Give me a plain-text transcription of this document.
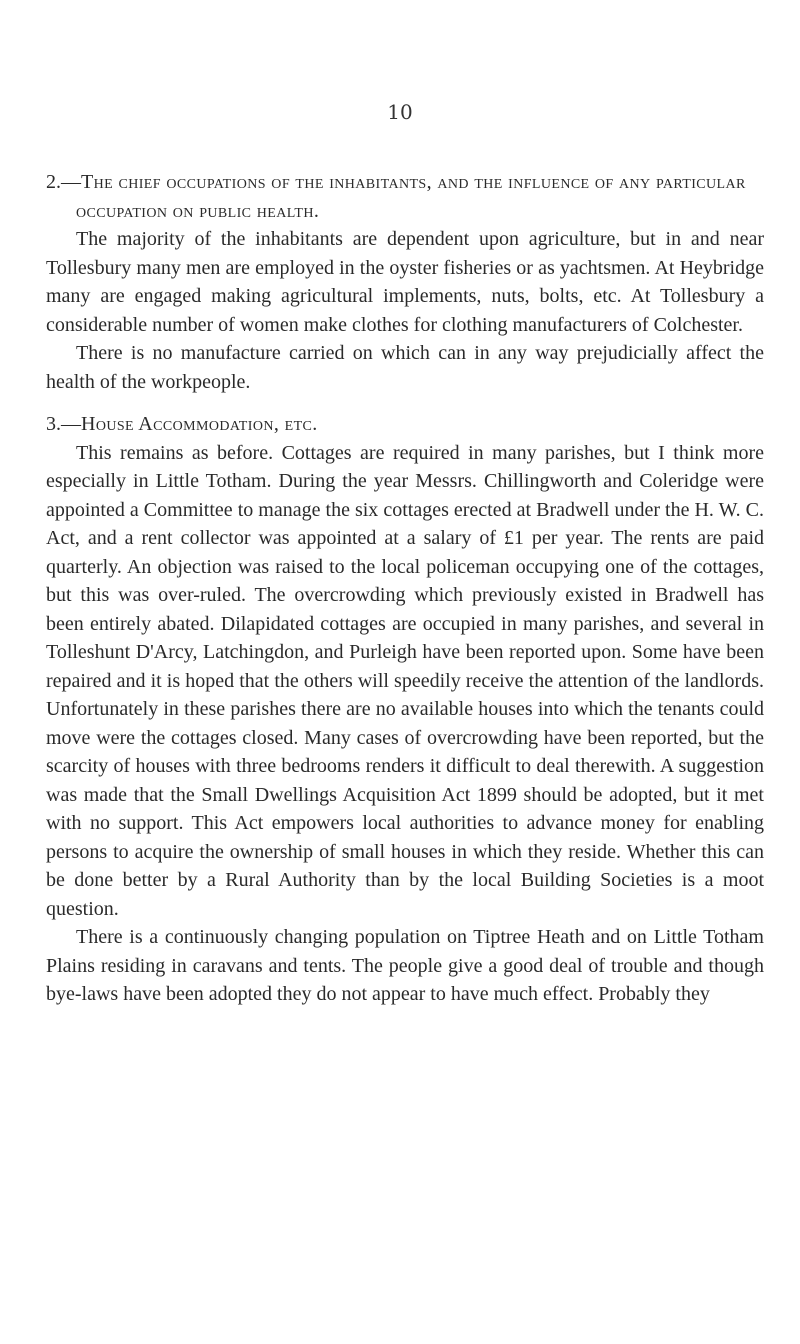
10

2.—The chief occupations of the inhabitants, and the influence of any particular occupation on public health.

The majority of the inhabitants are dependent upon agriculture, but in and near Tollesbury many men are employed in the oyster fisheries or as yachtsmen. At Heybridge many are engaged making agricultural implements, nuts, bolts, etc. At Tollesbury a considerable number of women make clothes for clothing manufacturers of Colchester.

There is no manufacture carried on which can in any way prejudicially affect the health of the workpeople.

3.—House Accommodation, etc.

This remains as before. Cottages are required in many parishes, but I think more especially in Little Totham. During the year Messrs. Chillingworth and Coleridge were appointed a Committee to manage the six cottages erected at Bradwell under the H. W. C. Act, and a rent collector was appointed at a salary of £1 per year. The rents are paid quarterly. An objection was raised to the local policeman occupying one of the cottages, but this was over-ruled. The overcrowding which previously existed in Bradwell has been entirely abated. Dilapidated cottages are occupied in many parishes, and several in Tolleshunt D'Arcy, Latchingdon, and Purleigh have been reported upon. Some have been repaired and it is hoped that the others will speedily receive the attention of the landlords. Unfortunately in these parishes there are no available houses into which the tenants could move were the cottages closed. Many cases of overcrowding have been reported, but the scarcity of houses with three bedrooms renders it difficult to deal therewith. A suggestion was made that the Small Dwellings Acquisition Act 1899 should be adopted, but it met with no support. This Act empowers local authorities to advance money for enabling persons to acquire the ownership of small houses in which they reside. Whether this can be done better by a Rural Authority than by the local Building Societies is a moot question.

There is a continuously changing population on Tiptree Heath and on Little Totham Plains residing in caravans and tents. The people give a good deal of trouble and though bye-laws have been adopted they do not appear to have much effect. Probably they
